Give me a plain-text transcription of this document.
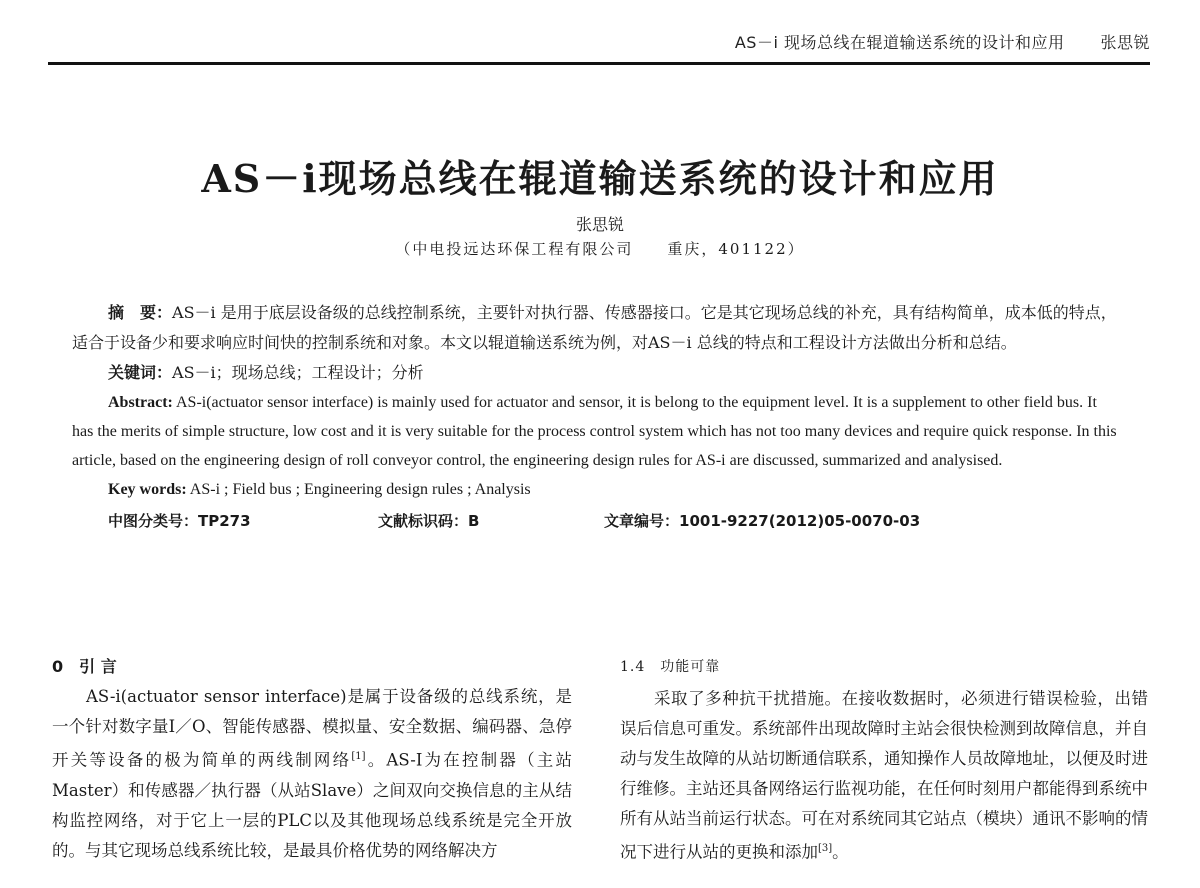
AS－i 现场总线在辊道输送系统的设计和应用 张思锐
AS－i现场总线在辊道输送系统的设计和应用
张思锐
（中电投远达环保工程有限公司　　重庆，401122）

摘　要：AS－i 是用于底层设备级的总线控制系统，主要针对执行器、传感器接口。它是其它现场总线的补充，具有结构简单，成本低的特点，适合于设备少和要求响应时间快的控制系统和对象。本文以辊道输送系统为例，对AS－i 总线的特点和工程设计方法做出分析和总结。

关键词：AS－i；现场总线；工程设计；分析

Abstract: AS-i(actuator sensor interface) is mainly used for actuator and sensor, it is belong to the equipment level. It is a supplement to other field bus. It has the merits of simple structure, low cost and it is very suitable for the process control system which has not too many devices and require quick response. In this article, based on the engineering design of roll conveyor control, the engineering design rules for AS-i are discussed, summarized and analysised.

Key words: AS-i ; Field bus ; Engineering design rules ; Analysis

中图分类号：TP273	文献标识码：B	文章编号：1001-9227(2012)05-0070-03
0　引 言

AS-i(actuator sensor interface)是属于设备级的总线系统，是一个针对数字量I／O、智能传感器、模拟量、安全数据、编码器、急停开关等设备的极为简单的两线制网络[1]。AS-I为在控制器（主站Master）和传感器／执行器（从站Slave）之间双向交换信息的主从结构监控网络，对于它上一层的PLC以及其他现场总线系统是完全开放的。与其它现场总线系统比较，是最具价格优势的网络解决方

1.4　功能可靠

采取了多种抗干扰措施。在接收数据时，必须进行错误检验，出错误后信息可重发。系统部件出现故障时主站会很快检测到故障信息，并自动与发生故障的从站切断通信联系，通知操作人员故障地址，以便及时进行维修。主站还具备网络运行监视功能，在任何时刻用户都能得到系统中所有从站当前运行状态。可在对系统同其它站点（模块）通讯不影响的情况下进行从站的更换和添加[3]。
